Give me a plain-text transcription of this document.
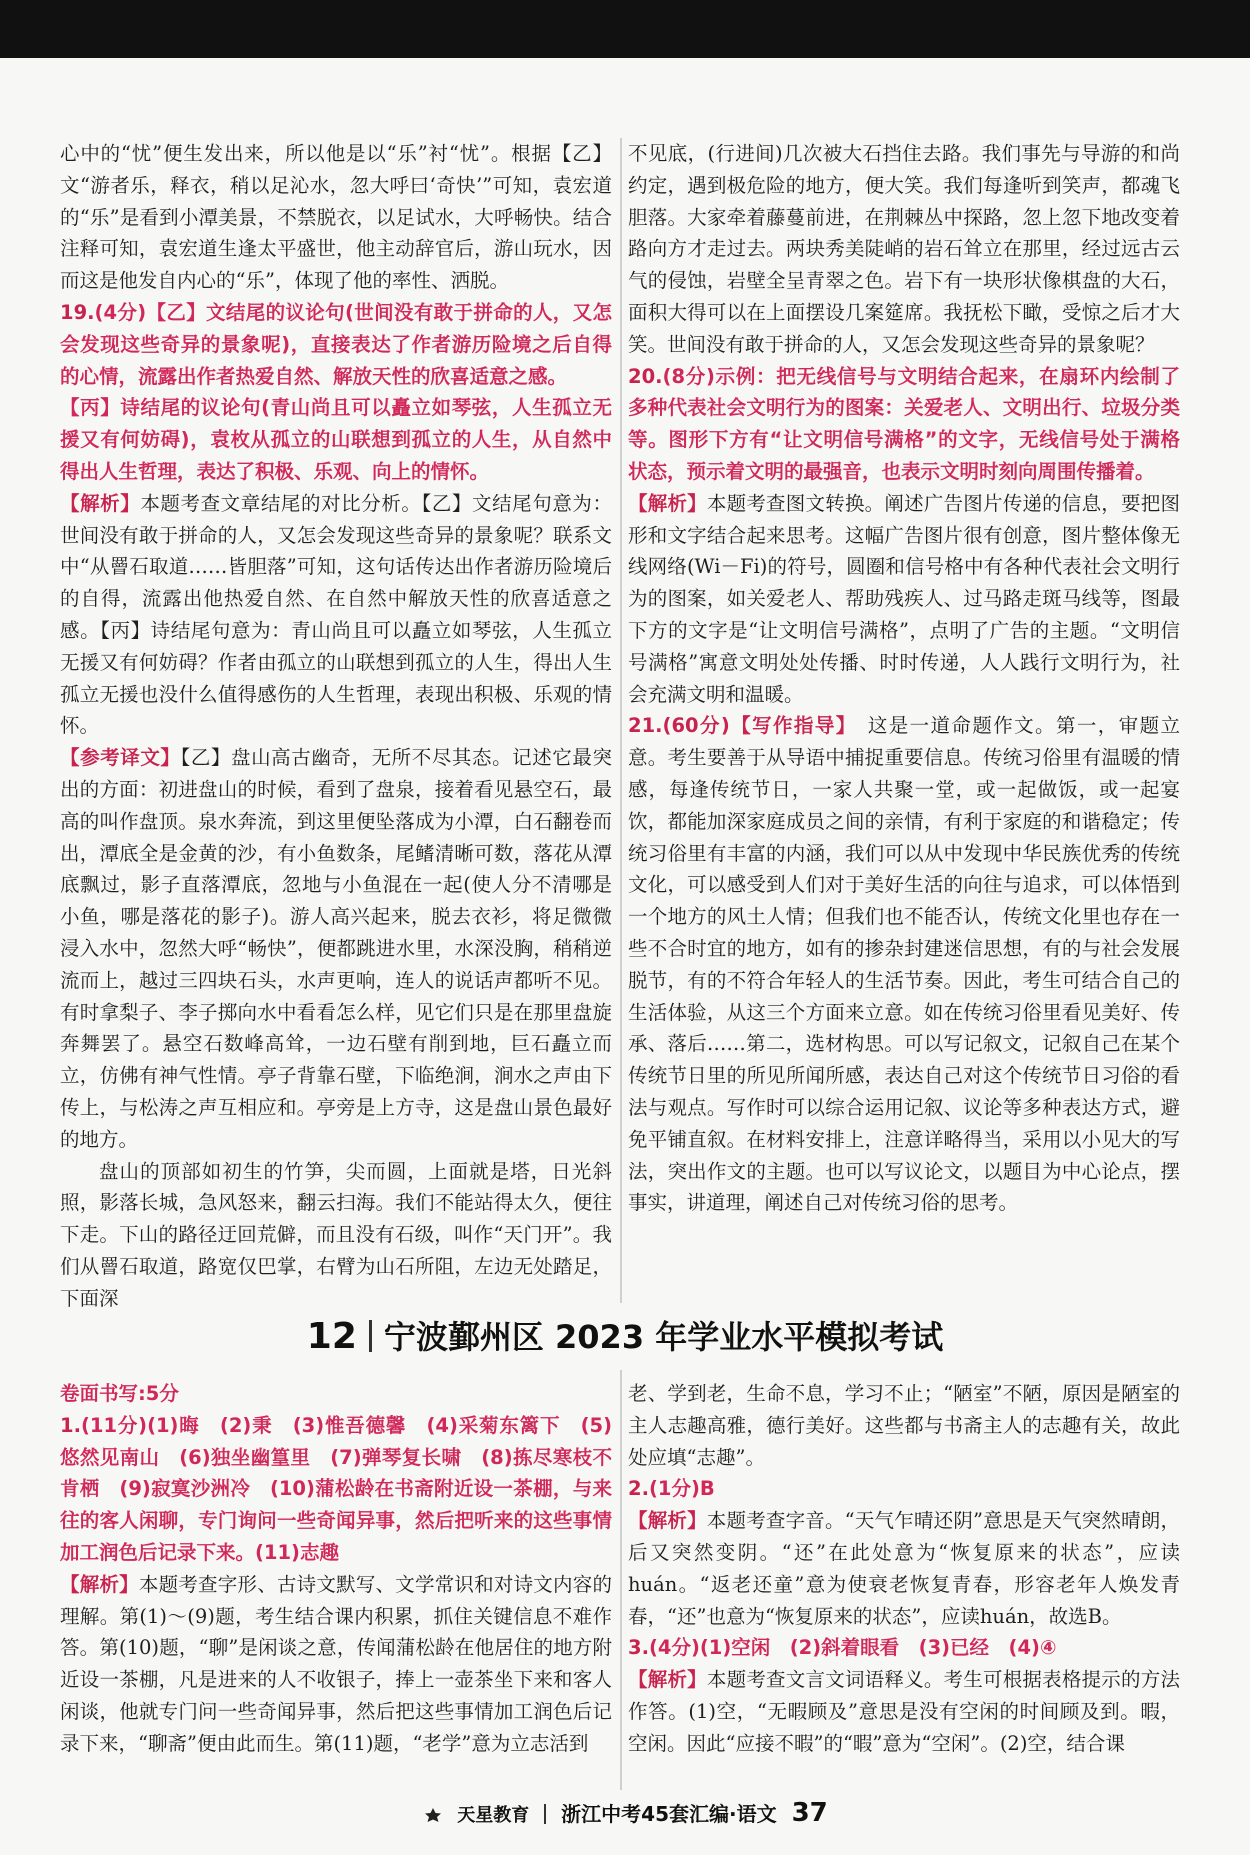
心中的“忧”便生发出来，所以他是以“乐”衬“忧”。根据【乙】文“游者乐，释衣，稍以足沁水，忽大呼曰‘奇快’”可知，袁宏道的“乐”是看到小潭美景，不禁脱衣，以足试水，大呼畅快。结合注释可知，袁宏道生逢太平盛世，他主动辞官后，游山玩水，因而这是他发自内心的“乐”，体现了他的率性、洒脱。

19.(4分)【乙】文结尾的议论句(世间没有敢于拼命的人，又怎会发现这些奇异的景象呢)，直接表达了作者游历险境之后自得的心情，流露出作者热爱自然、解放天性的欣喜适意之感。

【丙】诗结尾的议论句(青山尚且可以矗立如琴弦，人生孤立无援又有何妨碍)，袁枚从孤立的山联想到孤立的人生，从自然中得出人生哲理，表达了积极、乐观、向上的情怀。

【解析】本题考查文章结尾的对比分析。【乙】文结尾句意为：世间没有敢于拼命的人，又怎会发现这些奇异的景象呢？联系文中“从罾石取道……皆胆落”可知，这句话传达出作者游历险境后的自得，流露出他热爱自然、在自然中解放天性的欣喜适意之感。【丙】诗结尾句意为：青山尚且可以矗立如琴弦，人生孤立无援又有何妨碍？作者由孤立的山联想到孤立的人生，得出人生孤立无援也没什么值得感伤的人生哲理，表现出积极、乐观的情怀。

【参考译文】【乙】盘山高古幽奇，无所不尽其态。记述它最突出的方面：初进盘山的时候，看到了盘泉，接着看见悬空石，最高的叫作盘顶。泉水奔流，到这里便坠落成为小潭，白石翻卷而出，潭底全是金黄的沙，有小鱼数条，尾鳍清晰可数，落花从潭底飘过，影子直落潭底，忽地与小鱼混在一起(使人分不清哪是小鱼，哪是落花的影子)。游人高兴起来，脱去衣衫，将足微微浸入水中，忽然大呼“畅快”，便都跳进水里，水深没胸，稍稍逆流而上，越过三四块石头，水声更响，连人的说话声都听不见。有时拿梨子、李子掷向水中看看怎么样，见它们只是在那里盘旋奔舞罢了。悬空石数峰高耸，一边石壁有削到地，巨石矗立而立，仿佛有神气性情。亭子背靠石壁，下临绝涧，涧水之声由下传上，与松涛之声互相应和。亭旁是上方寺，这是盘山景色最好的地方。

盘山的顶部如初生的竹笋，尖而圆，上面就是塔，日光斜照，影落长城，急风怒来，翻云扫海。我们不能站得太久，便往下走。下山的路径迂回荒僻，而且没有石级，叫作“天门开”。我们从罾石取道，路宽仅巴掌，右臂为山石所阻，左边无处踏足，下面深

不见底，(行进间)几次被大石挡住去路。我们事先与导游的和尚约定，遇到极危险的地方，便大笑。我们每逢听到笑声，都魂飞胆落。大家牵着藤蔓前进，在荆棘丛中探路，忽上忽下地改变着路向方才走过去。两块秀美陡峭的岩石耸立在那里，经过远古云气的侵蚀，岩壁全呈青翠之色。岩下有一块形状像棋盘的大石，面积大得可以在上面摆设几案筵席。我抚松下瞰，受惊之后才大笑。世间没有敢于拼命的人，又怎会发现这些奇异的景象呢？

20.(8分)示例：把无线信号与文明结合起来，在扇环内绘制了多种代表社会文明行为的图案：关爱老人、文明出行、垃圾分类等。图形下方有“让文明信号满格”的文字，无线信号处于满格状态，预示着文明的最强音，也表示文明时刻向周围传播着。

【解析】本题考查图文转换。阐述广告图片传递的信息，要把图形和文字结合起来思考。这幅广告图片很有创意，图片整体像无线网络(Wi－Fi)的符号，圆圈和信号格中有各种代表社会文明行为的图案，如关爱老人、帮助残疾人、过马路走斑马线等，图最下方的文字是“让文明信号满格”，点明了广告的主题。“文明信号满格”寓意文明处处传播、时时传递，人人践行文明行为，社会充满文明和温暖。

21.(60分)【写作指导】　 这是一道命题作文。第一，审题立意。考生要善于从导语中捕捉重要信息。传统习俗里有温暖的情感，每逢传统节日，一家人共聚一堂，或一起做饭，或一起宴饮，都能加深家庭成员之间的亲情，有利于家庭的和谐稳定；传统习俗里有丰富的内涵，我们可以从中发现中华民族优秀的传统文化，可以感受到人们对于美好生活的向往与追求，可以体悟到一个地方的风土人情；但我们也不能否认，传统文化里也存在一些不合时宜的地方，如有的掺杂封建迷信思想，有的与社会发展脱节，有的不符合年轻人的生活节奏。因此，考生可结合自己的生活体验，从这三个方面来立意。如在传统习俗里看见美好、传承、落后……第二，选材构思。可以写记叙文，记叙自己在某个传统节日里的所见所闻所感，表达自己对这个传统节日习俗的看法与观点。写作时可以综合运用记叙、议论等多种表达方式，避免平铺直叙。在材料安排上，注意详略得当，采用以小见大的写法，突出作文的主题。也可以写议论文，以题目为中心论点，摆事实，讲道理，阐述自己对传统习俗的思考。

12 宁波鄞州区 2023 年学业水平模拟考试

卷面书写:5分

1.(11分)(1)晦　(2)秉　(3)惟吾德馨　(4)采菊东篱下　(5)悠然见南山　(6)独坐幽篁里　(7)弹琴复长啸　(8)拣尽寒枝不肯栖　(9)寂寞沙洲冷　(10)蒲松龄在书斋附近设一茶棚，与来往的客人闲聊，专门询问一些奇闻异事，然后把听来的这些事情加工润色后记录下来。(11)志趣

【解析】本题考查字形、古诗文默写、文学常识和对诗文内容的理解。第(1)～(9)题，考生结合课内积累，抓住关键信息不难作答。第(10)题，“聊”是闲谈之意，传闻蒲松龄在他居住的地方附近设一茶棚，凡是进来的人不收银子，捧上一壶茶坐下来和客人闲谈，他就专门问一些奇闻异事，然后把这些事情加工润色后记录下来，“聊斋”便由此而生。第(11)题，“老学”意为立志活到

老、学到老，生命不息，学习不止；“陋室”不陋，原因是陋室的主人志趣高雅，德行美好。这些都与书斋主人的志趣有关，故此处应填“志趣”。

2.(1分)B

【解析】本题考查字音。“天气乍晴还阴”意思是天气突然晴朗，后又突然变阴。“还”在此处意为“恢复原来的状态”，应读huán。“返老还童”意为使衰老恢复青春，形容老年人焕发青春，“还”也意为“恢复原来的状态”，应读huán，故选B。

3.(4分)(1)空闲　(2)斜着眼看　(3)已经　(4)④

【解析】本题考查文言文词语释义。考生可根据表格提示的方法作答。(1)空，“无暇顾及”意思是没有空闲的时间顾及到。暇，空闲。因此“应接不暇”的“暇”意为“空闲”。(2)空，结合课

天星教育 浙江中考45套汇编·语文 37
